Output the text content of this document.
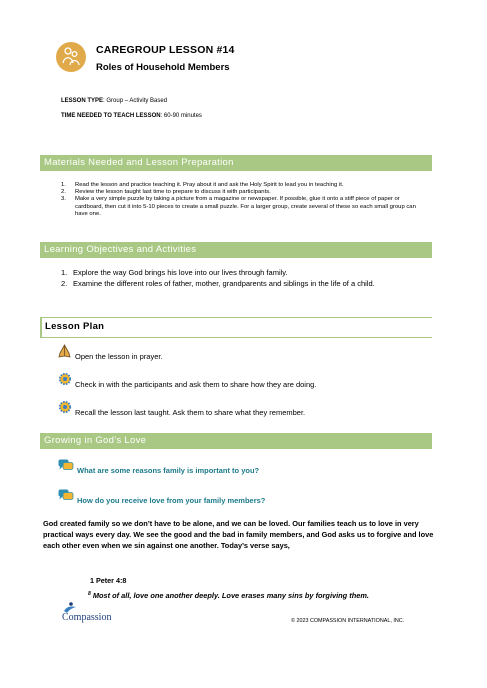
CAREGROUP LESSON #14
Roles of Household Members
LESSON TYPE: Group – Activity Based
TIME NEEDED TO TEACH LESSON: 60-90 minutes
Materials Needed and Lesson Preparation
1. Read the lesson and practice teaching it. Pray about it and ask the Holy Spirit to lead you in teaching it.
2. Review the lesson taught last time to prepare to discuss it with participants.
3. Make a very simple puzzle by taking a picture from a magazine or newspaper. If possible, glue it onto a stiff piece of paper or cardboard, then cut it into 5-10 pieces to create a small puzzle. For a larger group, create several of these so each small group can have one.
Learning Objectives and Activities
1. Explore the way God brings his love into our lives through family.
2. Examine the different roles of father, mother, grandparents and siblings in the life of a child.
Lesson Plan
Open the lesson in prayer.
Check in with the participants and ask them to share how they are doing.
Recall the lesson last taught. Ask them to share what they remember.
Growing in God’s Love
What are some reasons family is important to you?
How do you receive love from your family members?

God created family so we don’t have to be alone, and we can be loved. Our families teach us to love in very practical ways every day. We see the good and the bad in family members, and God asks us to forgive and love each other even when we sin against one another. Today’s verse says,

1 Peter 4:8
$^8$ Most of all, love one another deeply. Love erases many sins by forgiving them.
Compassion	© 2023 COMPASSION INTERNATIONAL, INC.
